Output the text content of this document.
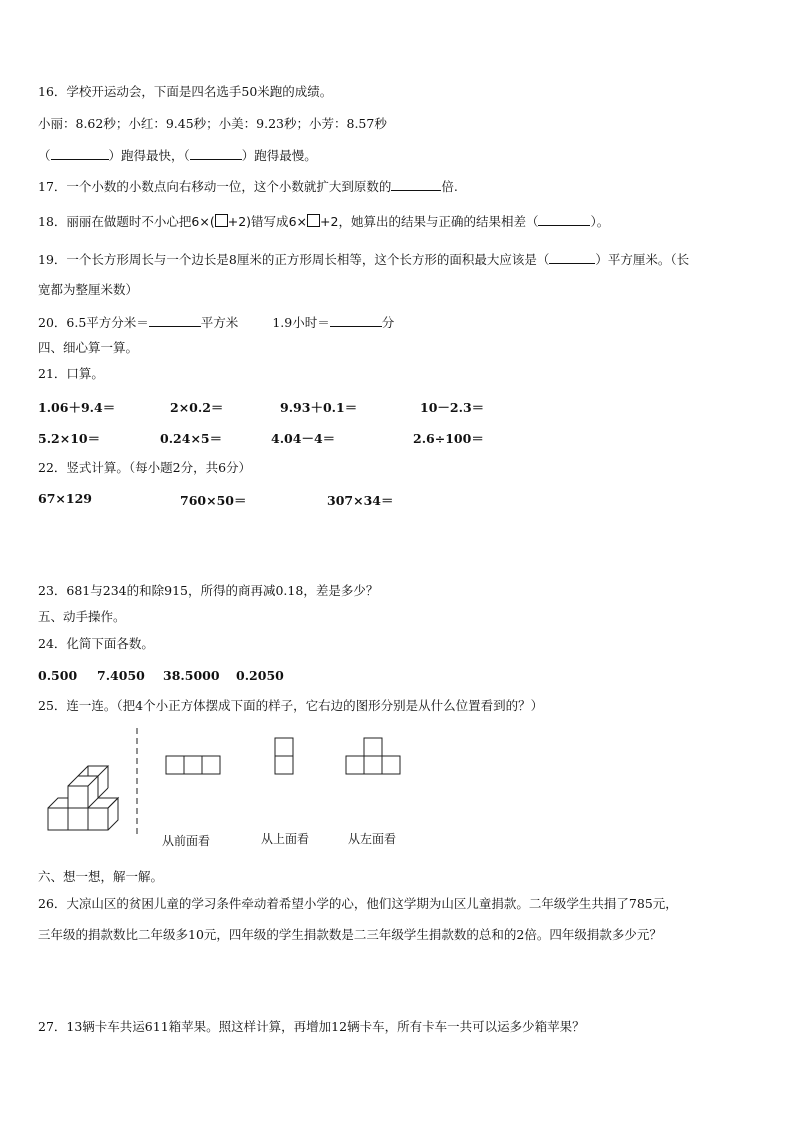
16．学校开运动会，下面是四名选手50米跑的成绩。
小丽：8.62秒；小红：9.45秒；小美：9.23秒；小芳：8.57秒
（	）跑得最快，（	）跑得最慢。
17．一个小数的小数点向右移动一位，这个小数就扩大到原数的	倍.
18．丽丽在做题时不小心把6×( +2)错写成6× +2，她算出的结果与正确的结果相差（	）。
19．一个长方形周长与一个边长是8厘米的正方形周长相等，这个长方形的面积最大应该是（	）平方厘米。（长
宽都为整厘米数）
20．6.5平方分米＝	平方米	1.9小时＝	分
四、细心算一算。
21．口算。
1.06＋9.4＝	2×0.2＝	9.93＋0.1＝	10－2.3＝
5.2×10＝	0.24×5＝	4.04－4＝	2.6÷100＝
22．竖式计算。（每小题2分，共6分）
67×129	760×50＝	307×34＝
23．681与234的和除915，所得的商再减0.18，差是多少？
五、动手操作。
24．化简下面各数。
0.500 7.4050 38.5000 0.2050
25．连一连。（把4个小正方体摆成下面的样子，它右边的图形分别是从什么位置看到的？）
从前面看	从上面看	从左面看
六、想一想，解一解。
26．大凉山区的贫困儿童的学习条件牵动着希望小学的心，他们这学期为山区儿童捐款。二年级学生共捐了785元，
三年级的捐款数比二年级多10元，四年级的学生捐款数是二三年级学生捐款数的总和的2倍。四年级捐款多少元？
27．13辆卡车共运611箱苹果。照这样计算，再增加12辆卡车，所有卡车一共可以运多少箱苹果？
